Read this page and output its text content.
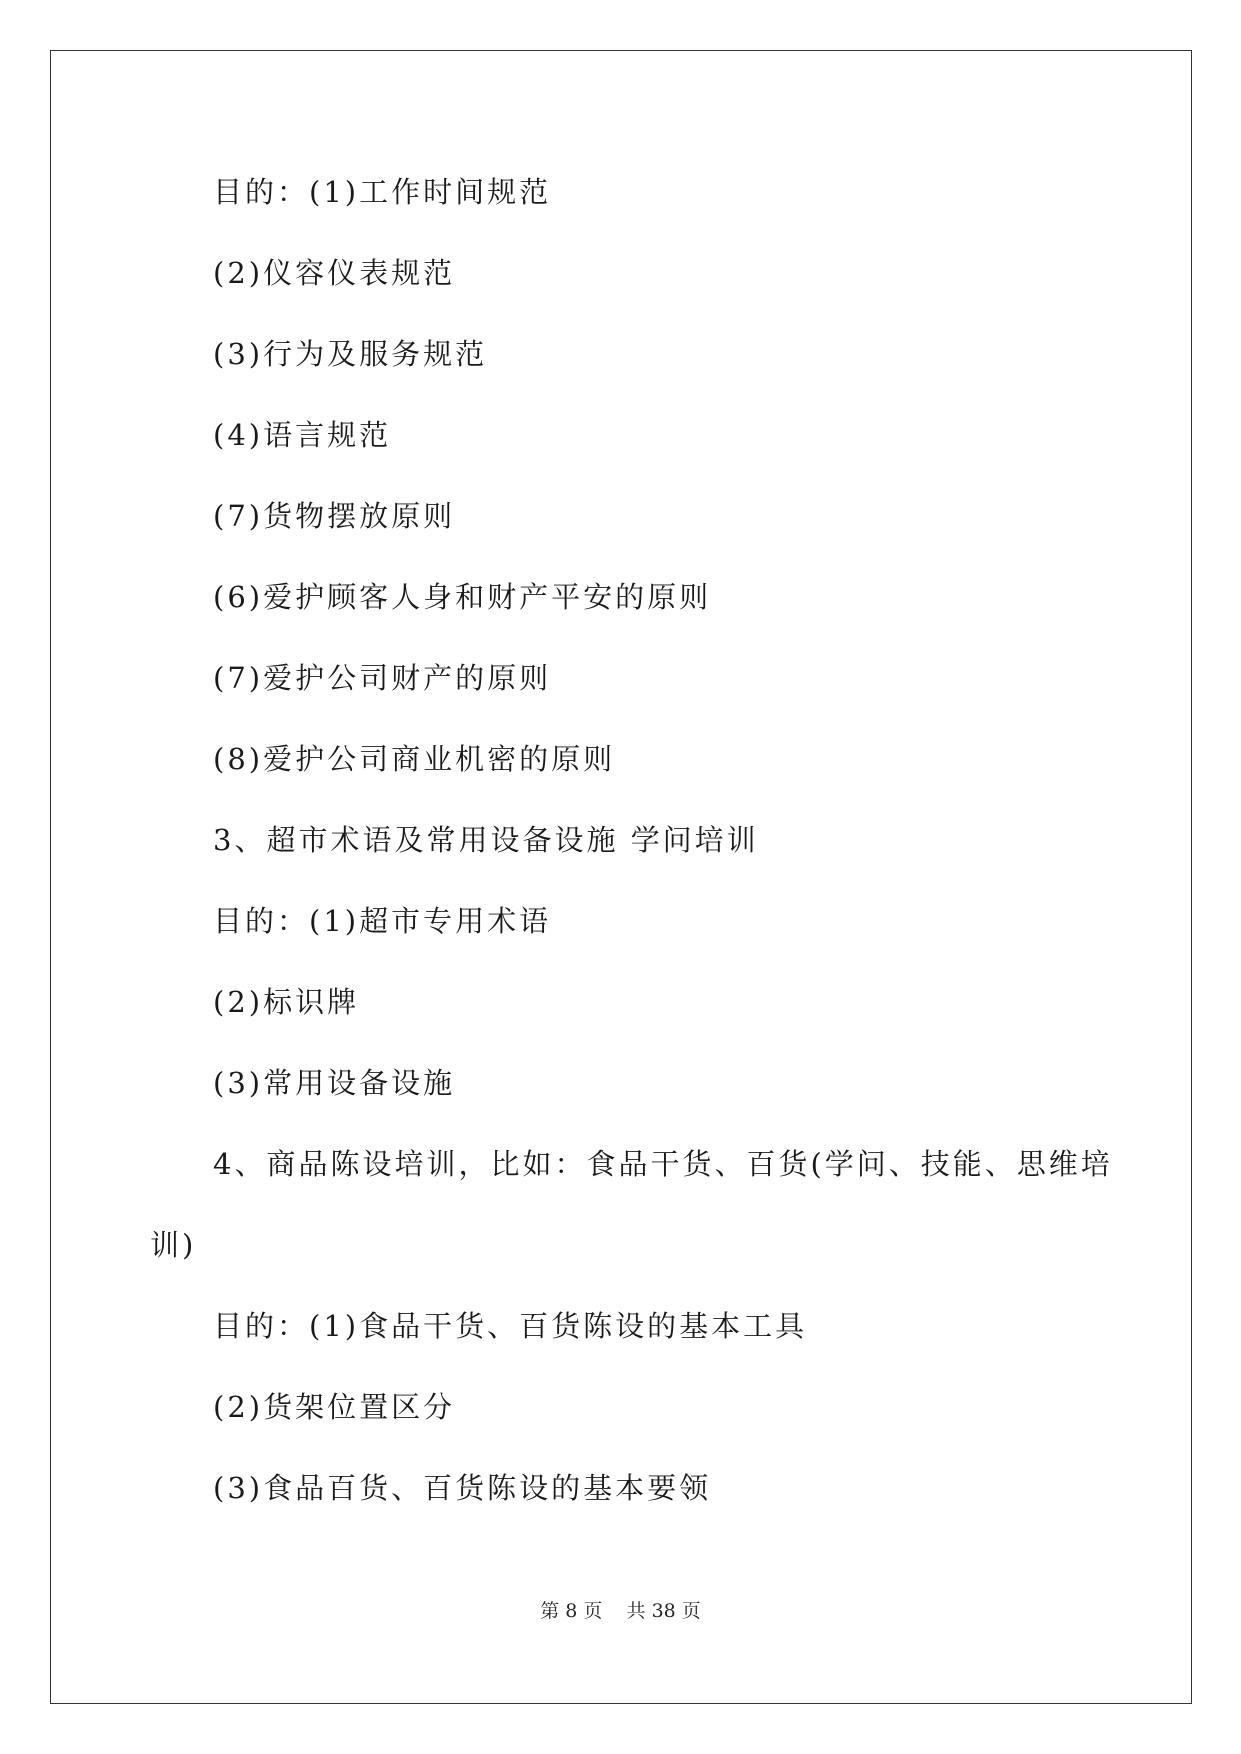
目的：(1)工作时间规范
(2)仪容仪表规范
(3)行为及服务规范
(4)语言规范
(7)货物摆放原则
(6)爱护顾客人身和财产平安的原则
(7)爱护公司财产的原则
(8)爱护公司商业机密的原则
3、超市术语及常用设备设施 学问培训
目的：(1)超市专用术语
(2)标识牌
(3)常用设备设施
4、商品陈设培训，比如：食品干货、百货(学问、技能、思维培
训)
目的：(1)食品干货、百货陈设的基本工具
(2)货架位置区分
(3)食品百货、百货陈设的基本要领
第 8 页    共 38 页
